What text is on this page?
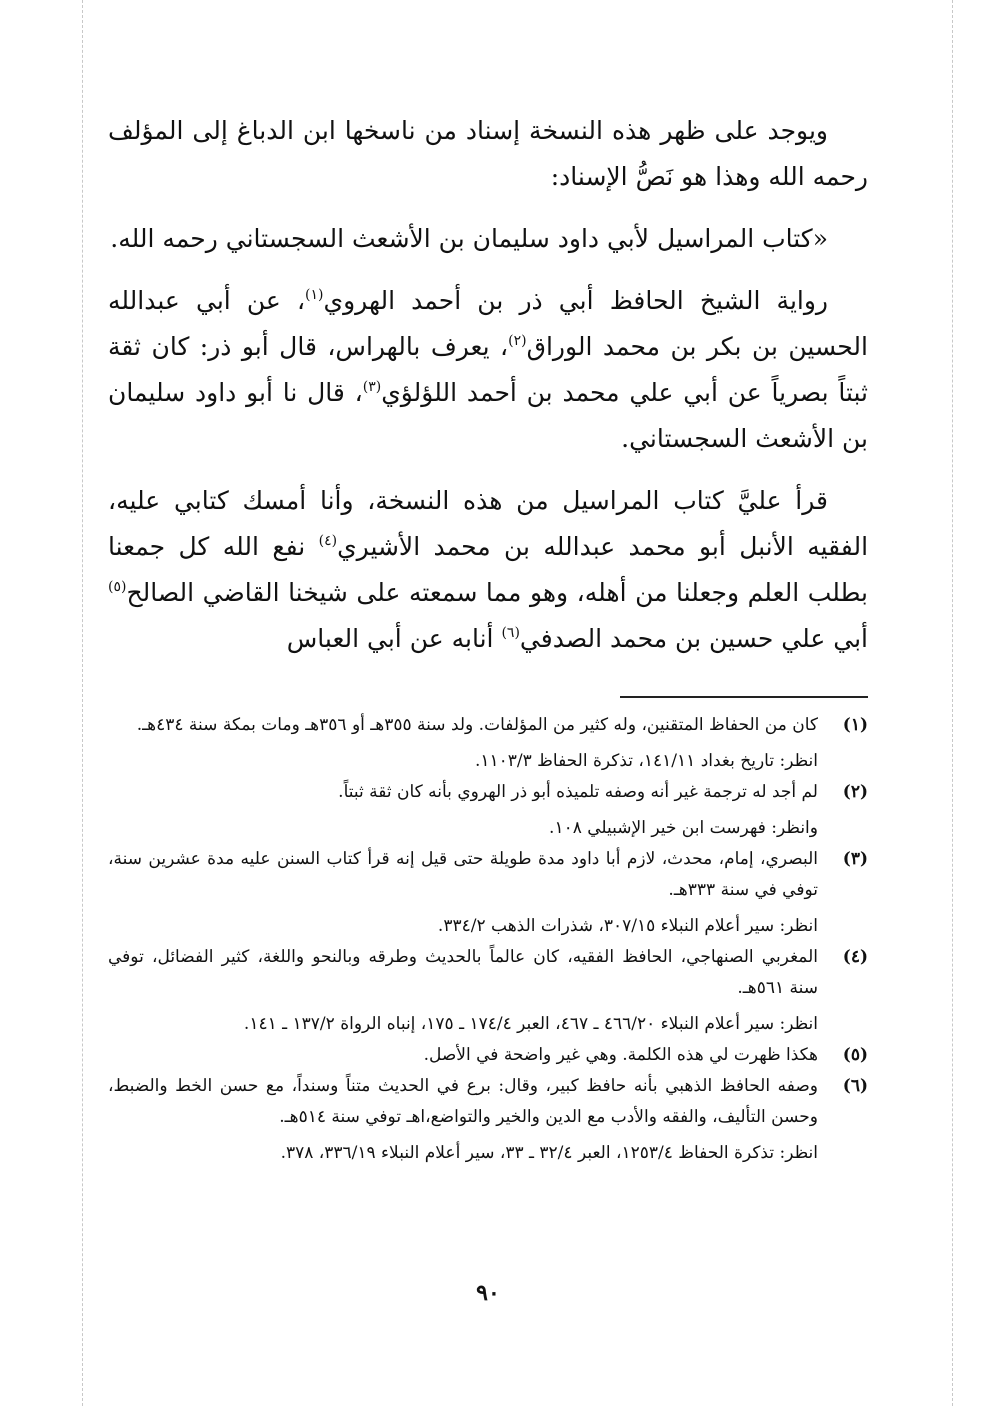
ويوجد على ظهر هذه النسخة إسناد من ناسخها ابن الدباغ إلى المؤلف رحمه الله وهذا هو نَصُّ الإسناد:

«كتاب المراسيل لأبي داود سليمان بن الأشعث السجستاني رحمه الله.

رواية الشيخ الحافظ أبي ذر بن أحمد الهروي$^{(١)}$، عن أبي عبدالله الحسين بن بكر بن محمد الوراق$^{(٢)}$، يعرف بالهراس، قال أبو ذر: كان ثقة ثبتاً بصرياً عن أبي علي محمد بن أحمد اللؤلؤي$^{(٣)}$، قال نا أبو داود سليمان بن الأشعث السجستاني.

قرأ عليَّ كتاب المراسيل من هذه النسخة، وأنا أمسك كتابي عليه، الفقيه الأنبل أبو محمد عبدالله بن محمد الأشيري$^{(٤)}$ نفع الله كل جمعنا بطلب العلم وجعلنا من أهله، وهو مما سمعته على شيخنا القاضي الصالح$^{(٥)}$ أبي علي حسين بن محمد الصدفي$^{(٦)}$ أنابه عن أبي العباس

(١)
كان من الحفاظ المتقنين، وله كثير من المؤلفات. ولد سنة ٣٥٥هـ أو ٣٥٦هـ ومات بمكة سنة ٤٣٤هـ.
انظر: تاريخ بغداد ١٤١/١١، تذكرة الحفاظ ١١٠٣/٣.
(٢)
لم أجد له ترجمة غير أنه وصفه تلميذه أبو ذر الهروي بأنه كان ثقة ثبتاً.
وانظر: فهرست ابن خير الإشبيلي ١٠٨.
(٣)
البصري، إمام، محدث، لازم أبا داود مدة طويلة حتى قيل إنه قرأ كتاب السنن عليه مدة عشرين سنة، توفي في سنة ٣٣٣هـ.
انظر: سير أعلام النبلاء ٣٠٧/١٥، شذرات الذهب ٣٣٤/٢.
(٤)
المغربي الصنهاجي، الحافظ الفقيه، كان عالماً بالحديث وطرقه وبالنحو واللغة، كثير الفضائل، توفي سنة ٥٦١هـ.
انظر: سير أعلام النبلاء ٤٦٦/٢٠ ـ ٤٦٧، العبر ١٧٤/٤ ـ ١٧٥، إنباه الرواة ١٣٧/٢ ـ ١٤١.
(٥)
هكذا ظهرت لي هذه الكلمة. وهي غير واضحة في الأصل.
(٦)
وصفه الحافظ الذهبي بأنه حافظ كبير، وقال: برع في الحديث متناً وسنداً، مع حسن الخط والضبط، وحسن التأليف، والفقه والأدب مع الدين والخير والتواضع،اهـ توفي سنة ٥١٤هـ.
انظر: تذكرة الحفاظ ١٢٥٣/٤، العبر ٣٢/٤ ـ ٣٣، سير أعلام النبلاء ٣٣٦/١٩، ٣٧٨.
٩٠
